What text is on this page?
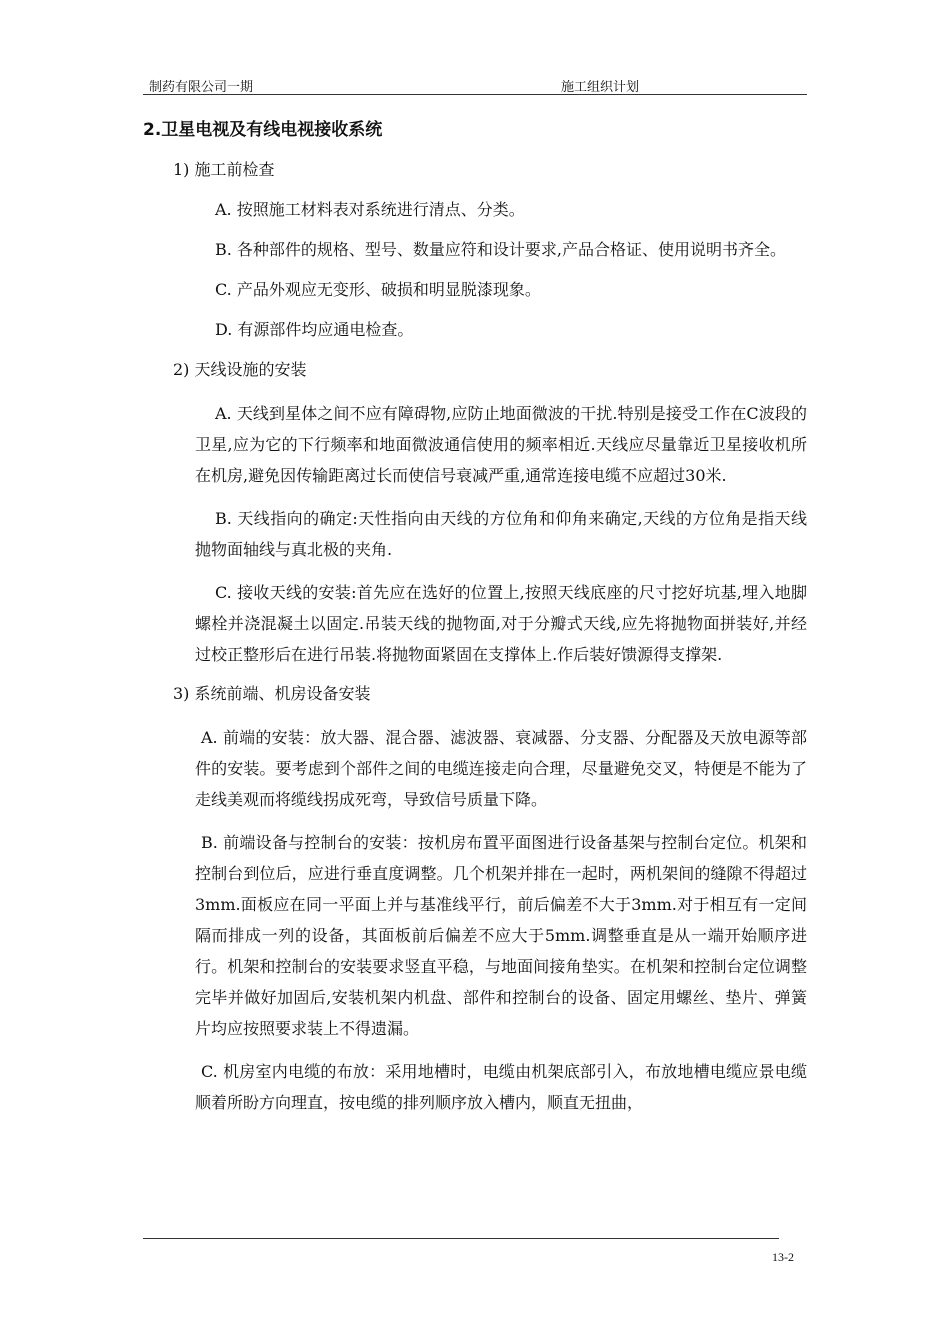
制药有限公司一期	施工组织计划
2.卫星电视及有线电视接收系统
1) 施工前检查
A. 按照施工材料表对系统进行清点、分类。
B. 各种部件的规格、型号、数量应符和设计要求,产品合格证、使用说明书齐全。
C. 产品外观应无变形、破损和明显脱漆现象。
D. 有源部件均应通电检查。
2) 天线设施的安装
A. 天线到星体之间不应有障碍物,应防止地面微波的干扰.特别是接受工作在C波段的卫星,应为它的下行频率和地面微波通信使用的频率相近.天线应尽量靠近卫星接收机所在机房,避免因传输距离过长而使信号衰减严重,通常连接电缆不应超过30米.
B. 天线指向的确定:天性指向由天线的方位角和仰角来确定,天线的方位角是指天线抛物面轴线与真北极的夹角.
C. 接收天线的安装:首先应在选好的位置上,按照天线底座的尺寸挖好坑基,埋入地脚螺栓并浇混凝土以固定.吊装天线的抛物面,对于分瓣式天线,应先将抛物面拼装好,并经过校正整形后在进行吊装.将抛物面紧固在支撑体上.作后装好馈源得支撑架.
3) 系统前端、机房设备安装
A. 前端的安装：放大器、混合器、滤波器、衰减器、分支器、分配器及天放电源等部件的安装。要考虑到个部件之间的电缆连接走向合理，尽量避免交叉，特便是不能为了走线美观而将缆线拐成死弯，导致信号质量下降。
B. 前端设备与控制台的安装：按机房布置平面图进行设备基架与控制台定位。机架和控制台到位后，应进行垂直度调整。几个机架并排在一起时，两机架间的缝隙不得超过3mm.面板应在同一平面上并与基准线平行，前后偏差不大于3mm.对于相互有一定间隔而排成一列的设备，其面板前后偏差不应大于5mm.调整垂直是从一端开始顺序进行。机架和控制台的安装要求竖直平稳，与地面间接角垫实。在机架和控制台定位调整完毕并做好加固后,安装机架内机盘、部件和控制台的设备、固定用螺丝、垫片、弹簧片均应按照要求装上不得遗漏。
C. 机房室内电缆的布放：采用地槽时，电缆由机架底部引入，布放地槽电缆应景电缆顺着所盼方向理直，按电缆的排列顺序放入槽内，顺直无扭曲，
13-2
